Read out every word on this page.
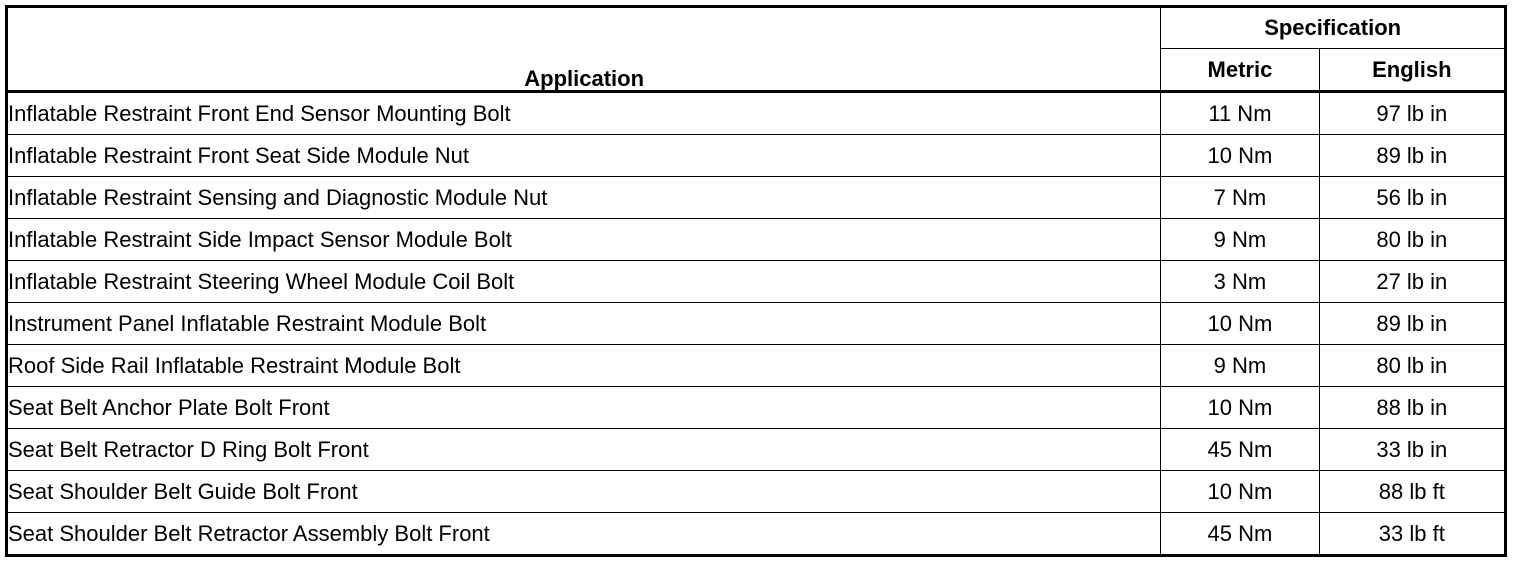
Application	Specification	
	Metric	English
Inflatable Restraint Front End Sensor Mounting Bolt	11 Nm	97 lb in
Inflatable Restraint Front Seat Side Module Nut	10 Nm	89 lb in
Inflatable Restraint Sensing and Diagnostic Module Nut	7 Nm	56 lb in
Inflatable Restraint Side Impact Sensor Module Bolt	9 Nm	80 lb in
Inflatable Restraint Steering Wheel Module Coil Bolt	3 Nm	27 lb in
Instrument Panel Inflatable Restraint Module Bolt	10 Nm	89 lb in
Roof Side Rail Inflatable Restraint Module Bolt	9 Nm	80 lb in
Seat Belt Anchor Plate Bolt Front	10 Nm	88 lb in
Seat Belt Retractor D Ring Bolt Front	45 Nm	33 lb in
Seat Shoulder Belt Guide Bolt Front	10 Nm	88 lb ft
Seat Shoulder Belt Retractor Assembly Bolt Front	45 Nm	33 lb ft
